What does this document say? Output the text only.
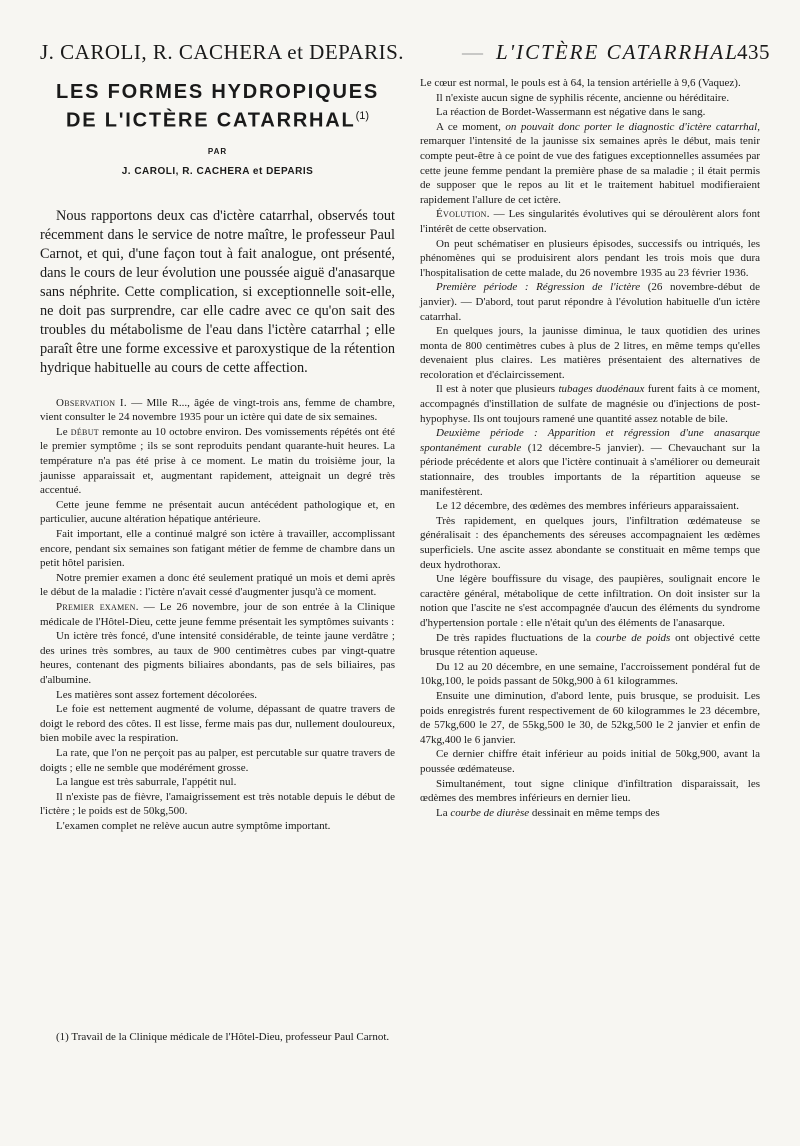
J. CAROLI, R. CACHERA et DEPARIS.	— L'ICTÈRE CATARRHAL
435
LES FORMES HYDROPIQUES
DE L'ICTÈRE CATARRHAL$^{(1)}$
PAR
J. CAROLI, R. CACHERA et DEPARIS

Nous rapportons deux cas d'ictère catarrhal, observés tout récemment dans le service de notre maître, le professeur Paul Carnot, et qui, d'une façon tout à fait analogue, ont présenté, dans le cours de leur évolution une poussée aiguë d'anasarque sans néphrite. Cette complication, si exceptionnelle soit-elle, ne doit pas surprendre, car elle cadre avec ce qu'on sait des troubles du métabolisme de l'eau dans l'ictère catarrhal ; elle paraît être une forme excessive et paroxystique de la rétention hydrique habituelle au cours de cette affection.

Observation I. — Mlle R..., âgée de vingt-trois ans, femme de chambre, vient consulter le 24 novembre 1935 pour un ictère qui date de six semaines.

Le début remonte au 10 octobre environ. Des vomissements répétés ont été le premier symptôme ; ils se sont reproduits pendant quarante-huit heures. La température n'a pas été prise à ce moment. Le matin du troisième jour, la jaunisse apparaissait et, augmentant rapidement, atteignait un degré très accentué.

Cette jeune femme ne présentait aucun antécédent pathologique et, en particulier, aucune altération hépatique antérieure.

Fait important, elle a continué malgré son ictère à travailler, accomplissant encore, pendant six semaines son fatigant métier de femme de chambre dans un petit hôtel parisien.

Notre premier examen a donc été seulement pratiqué un mois et demi après le début de la maladie : l'ictère n'avait cessé d'augmenter jusqu'à ce moment.

Premier examen. — Le 26 novembre, jour de son entrée à la Clinique médicale de l'Hôtel-Dieu, cette jeune femme présentait les symptômes suivants :

Un ictère très foncé, d'une intensité considérable, de teinte jaune verdâtre ; des urines très sombres, au taux de 900 centimètres cubes par vingt-quatre heures, contenant des pigments biliaires abondants, pas de sels biliaires, pas d'albumine.

Les matières sont assez fortement décolorées.

Le foie est nettement augmenté de volume, dépassant de quatre travers de doigt le rebord des côtes. Il est lisse, ferme mais pas dur, nullement douloureux, bien mobile avec la respiration.

La rate, que l'on ne perçoit pas au palper, est percutable sur quatre travers de doigts ; elle ne semble que modérément grosse.

La langue est très saburrale, l'appétit nul.

Il n'existe pas de fièvre, l'amaigrissement est très notable depuis le début de l'ictère ; le poids est de 50kg,500.

L'examen complet ne relève aucun autre symptôme important.

(1) Travail de la Clinique médicale de l'Hôtel-Dieu, professeur Paul Carnot.

Le cœur est normal, le pouls est à 64, la tension artérielle à 9,6 (Vaquez).

Il n'existe aucun signe de syphilis récente, ancienne ou héréditaire.

La réaction de Bordet-Wassermann est négative dans le sang.

A ce moment, on pouvait donc porter le diagnostic d'ictère catarrhal, remarquer l'intensité de la jaunisse six semaines après le début, mais tenir compte peut-être à ce point de vue des fatigues exceptionnelles assumées par cette jeune femme pendant la première phase de sa maladie ; il était permis de supposer que le repos au lit et le traitement habituel modifieraient rapidement l'allure de cet ictère.

Évolution. — Les singularités évolutives qui se déroulèrent alors font l'intérêt de cette observation.

On peut schématiser en plusieurs épisodes, successifs ou intriqués, les phénomènes qui se produisirent alors pendant les trois mois que dura l'hospitalisation de cette malade, du 26 novembre 1935 au 23 février 1936.

Première période : Régression de l'ictère (26 novembre-début de janvier). — D'abord, tout parut répondre à l'évolution habituelle d'un ictère catarrhal.

En quelques jours, la jaunisse diminua, le taux quotidien des urines monta de 800 centimètres cubes à plus de 2 litres, en même temps qu'elles devenaient plus claires. Les matières présentaient des alternatives de recoloration et d'éclaircissement.

Il est à noter que plusieurs tubages duodénaux furent faits à ce moment, accompagnés d'instillation de sulfate de magnésie ou d'injections de post-hypophyse. Ils ont toujours ramené une quantité assez notable de bile.

Deuxième période : Apparition et régression d'une anasarque spontanément curable (12 décembre-5 janvier). — Chevauchant sur la période précédente et alors que l'ictère continuait à s'améliorer ou demeurait stationnaire, des troubles importants de la répartition aqueuse se manifestèrent.

Le 12 décembre, des œdèmes des membres inférieurs apparaissaient.

Très rapidement, en quelques jours, l'infiltration œdémateuse se généralisait : des épanchements des séreuses accompagnaient les œdèmes superficiels. Une ascite assez abondante se constituait en même temps que deux hydrothorax.

Une légère bouffissure du visage, des paupières, soulignait encore le caractère général, métabolique de cette infiltration. On doit insister sur la notion que l'ascite ne s'est accompagnée d'aucun des éléments du syndrome d'hypertension portale : elle n'était qu'un des éléments de l'anasarque.

De très rapides fluctuations de la courbe de poids ont objectivé cette brusque rétention aqueuse.

Du 12 au 20 décembre, en une semaine, l'accroissement pondéral fut de 10kg,100, le poids passant de 50kg,900 à 61 kilogrammes.

Ensuite une diminution, d'abord lente, puis brusque, se produisit. Les poids enregistrés furent respectivement de 60 kilogrammes le 23 décembre, de 57kg,600 le 27, de 55kg,500 le 30, de 52kg,500 le 2 janvier et enfin de 47kg,400 le 6 janvier.

Ce dernier chiffre était inférieur au poids initial de 50kg,900, avant la poussée œdémateuse.

Simultanément, tout signe clinique d'infiltration disparaissait, les œdèmes des membres inférieurs en dernier lieu.

La courbe de diurèse dessinait en même temps des
